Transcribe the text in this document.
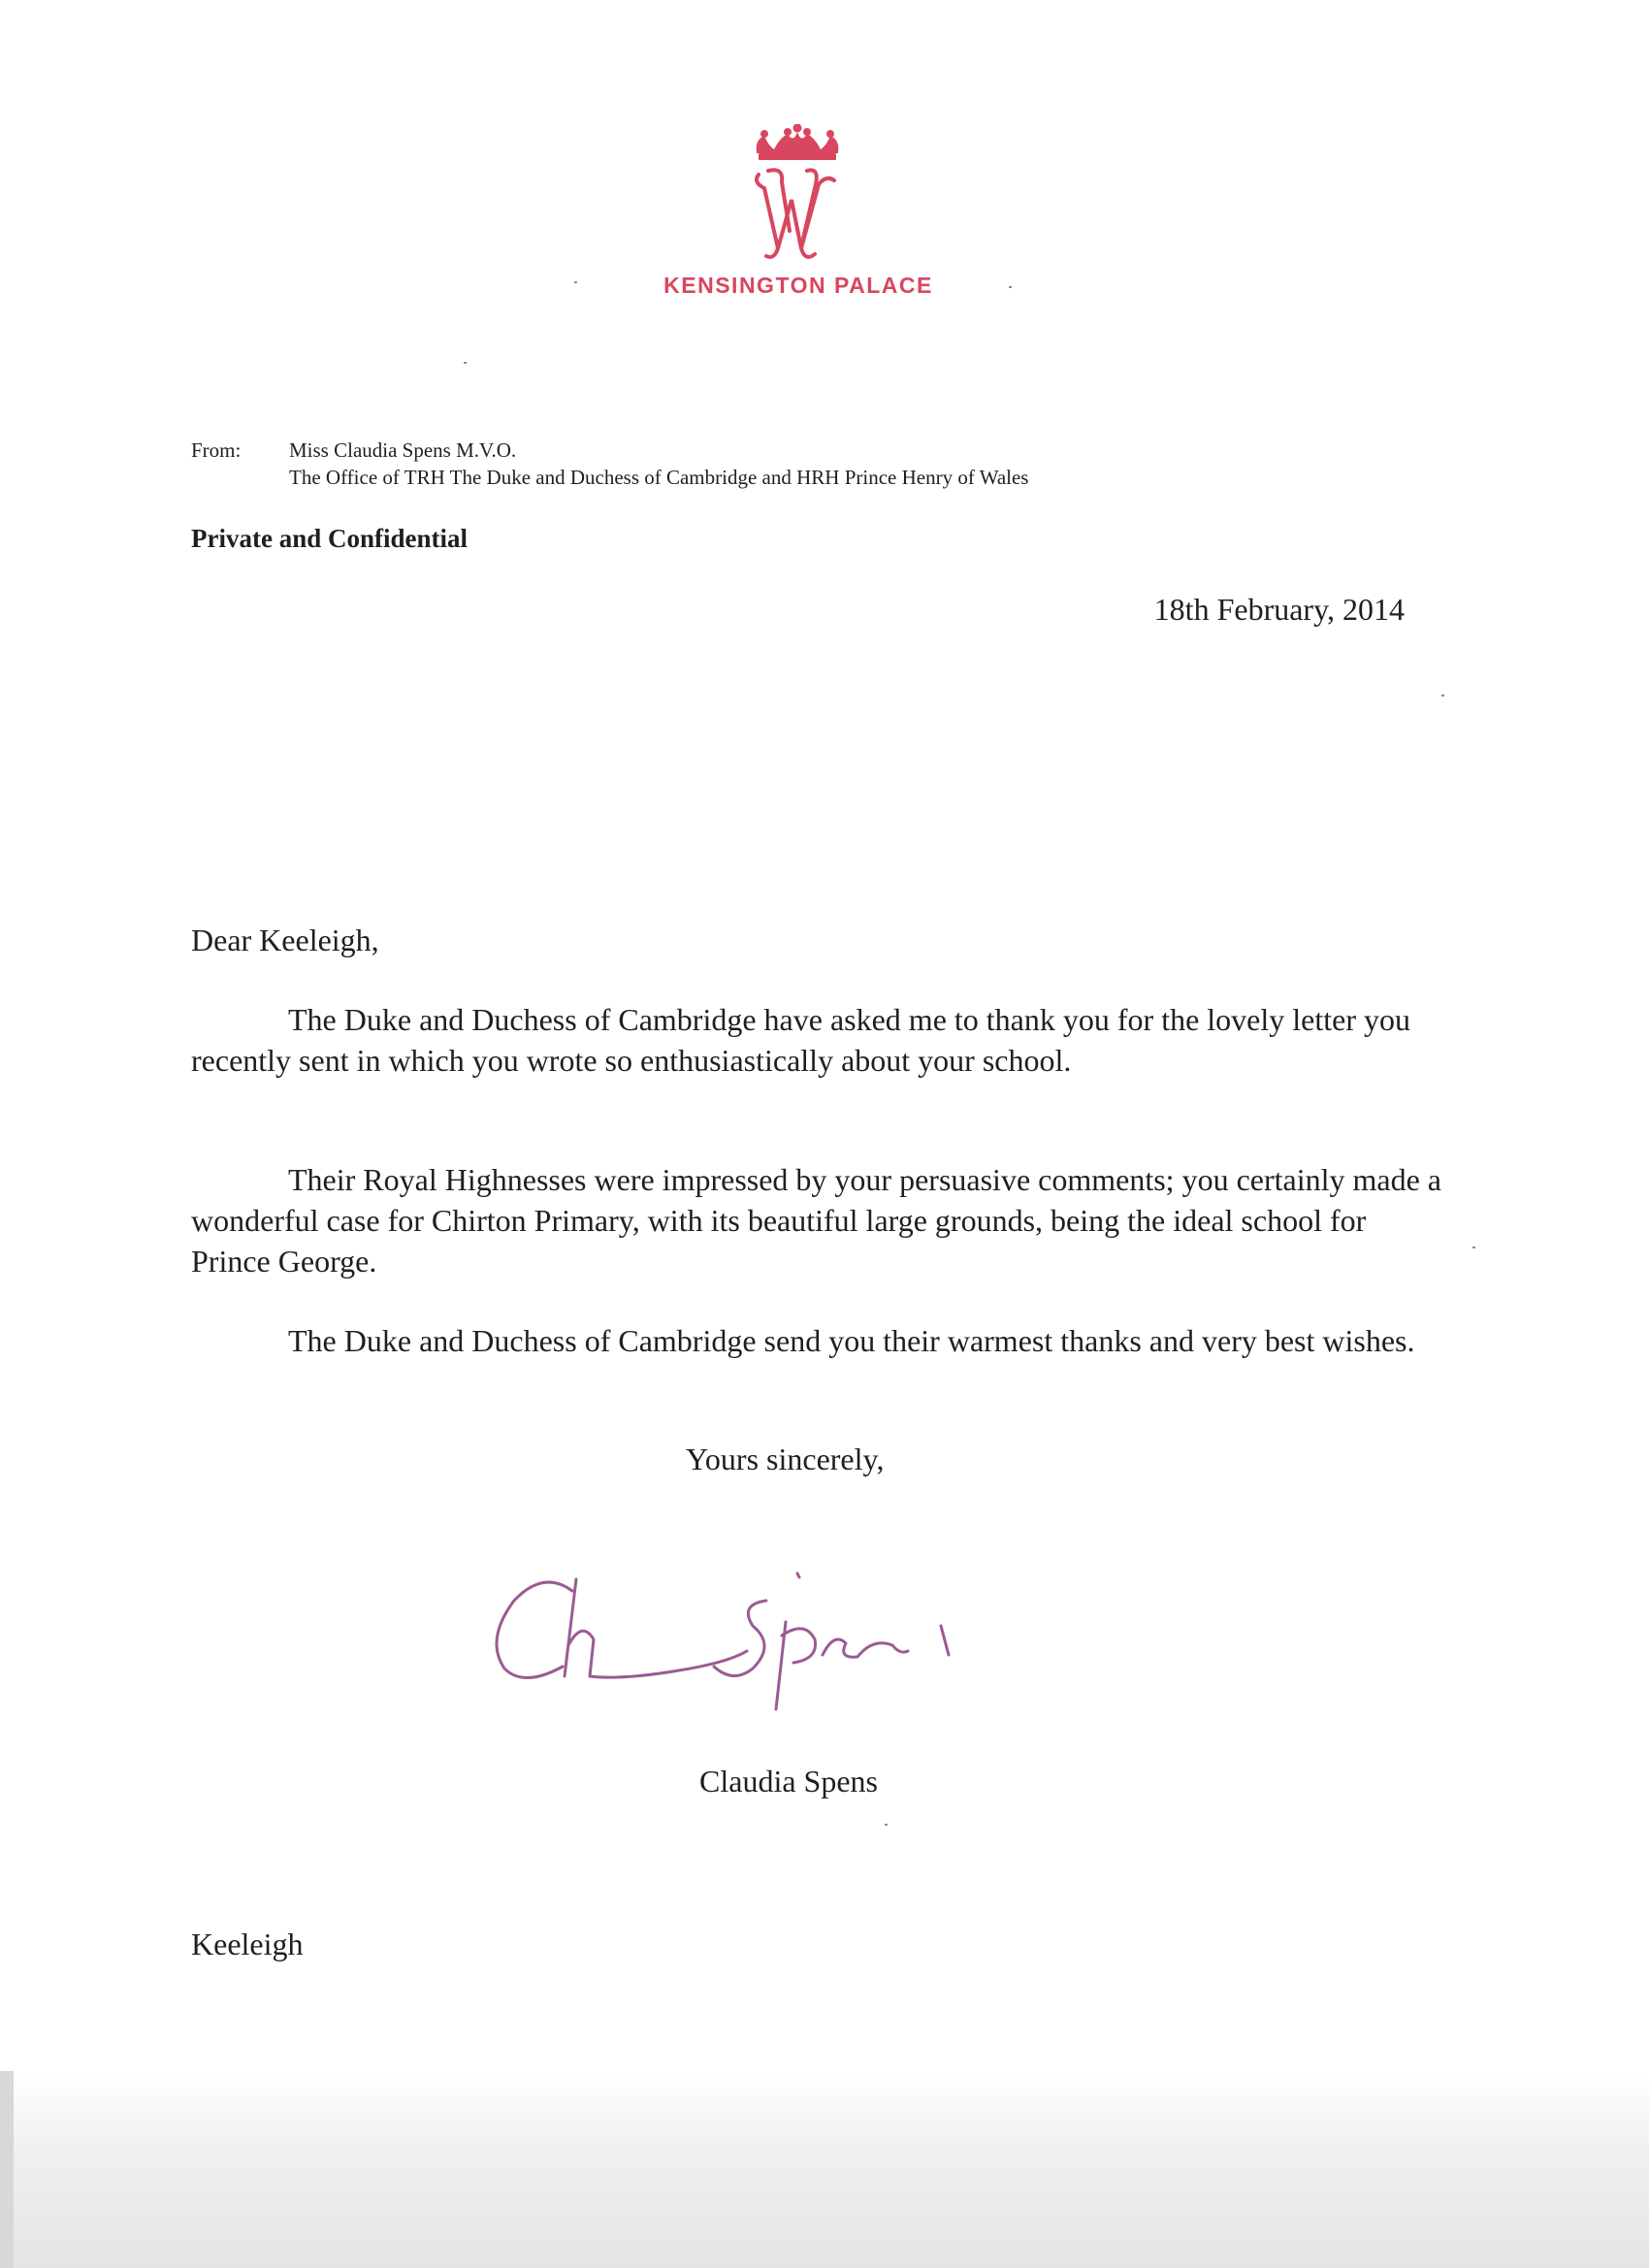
KENSINGTON PALACE
From: Miss Claudia Spens M.V.O.
The Office of TRH The Duke and Duchess of Cambridge and HRH Prince Henry of Wales
Private and Confidential
18th February, 2014

Dear Keeleigh,

The Duke and Duchess of Cambridge have asked me to thank you for the lovely letter you recently sent in which you wrote so enthusiastically about your school.

Their Royal Highnesses were impressed by your persuasive comments; you certainly made a wonderful case for Chirton Primary, with its beautiful large grounds, being the ideal school for Prince George.

The Duke and Duchess of Cambridge send you their warmest thanks and very best wishes.

Yours sincerely,
Claudia Spens
Keeleigh
